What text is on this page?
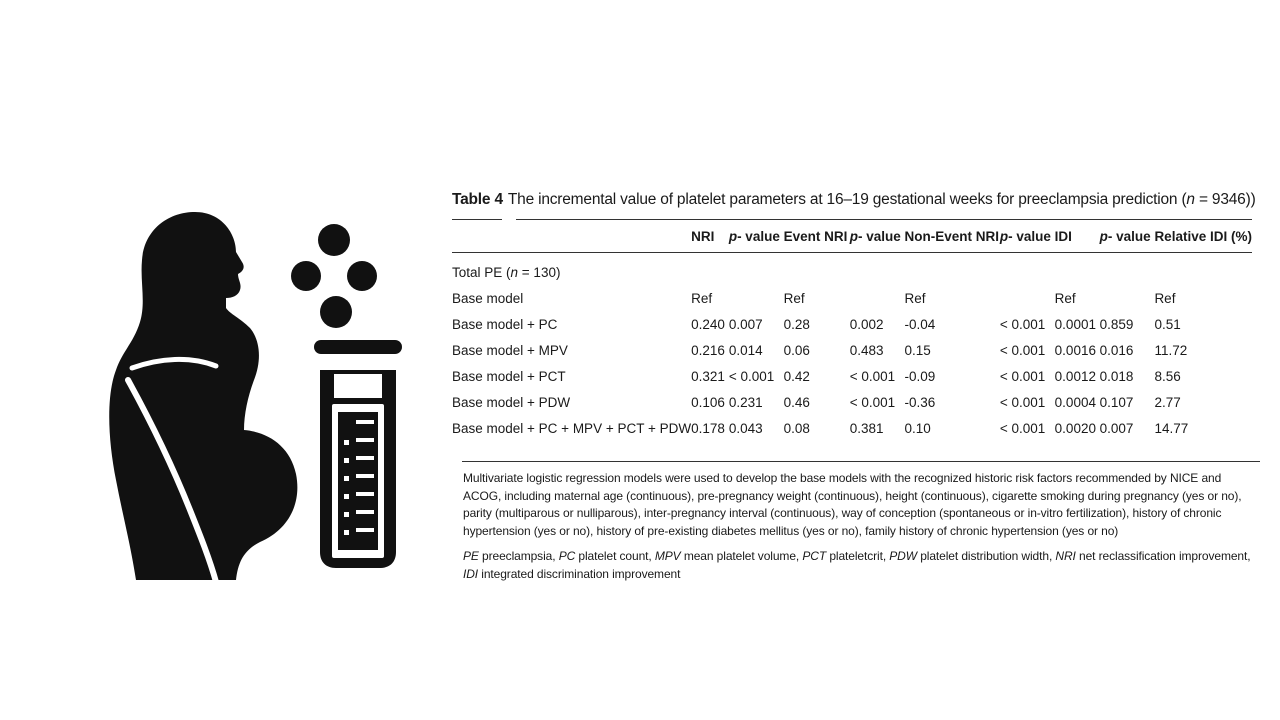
Table 4 The incremental value of platelet parameters at 16–19 gestational weeks for preeclampsia prediction (n = 9346))

	NRI	p- value	Event NRI	p- value	Non-Event NRI	p- value	IDI	p- value	Relative IDI (%)
Total PE (n = 130)									
Base model	Ref		Ref		Ref		Ref		Ref
Base model + PC	0.240	0.007	0.28	0.002	-0.04	< 0.001	0.0001	0.859	0.51
Base model + MPV	0.216	0.014	0.06	0.483	0.15	< 0.001	0.0016	0.016	11.72
Base model + PCT	0.321	< 0.001	0.42	< 0.001	-0.09	< 0.001	0.0012	0.018	8.56
Base model + PDW	0.106	0.231	0.46	< 0.001	-0.36	< 0.001	0.0004	0.107	2.77
Base model + PC + MPV + PCT + PDW	0.178	0.043	0.08	0.381	0.10	< 0.001	0.0020	0.007	14.77

Multivariate logistic regression models were used to develop the base models with the recognized historic risk factors recommended by NICE and ACOG, including maternal age (continuous), pre-pregnancy weight (continuous), height (continuous), cigarette smoking during pregnancy (yes or no), parity (multiparous or nulliparous), inter-pregnancy interval (continuous), way of conception (spontaneous or in-vitro fertilization), history of chronic hypertension (yes or no), history of pre-existing diabetes mellitus (yes or no), family history of chronic hypertension (yes or no)

PE preeclampsia, PC platelet count, MPV mean platelet volume, PCT plateletcrit, PDW platelet distribution width, NRI net reclassification improvement, IDI integrated discrimination improvement
